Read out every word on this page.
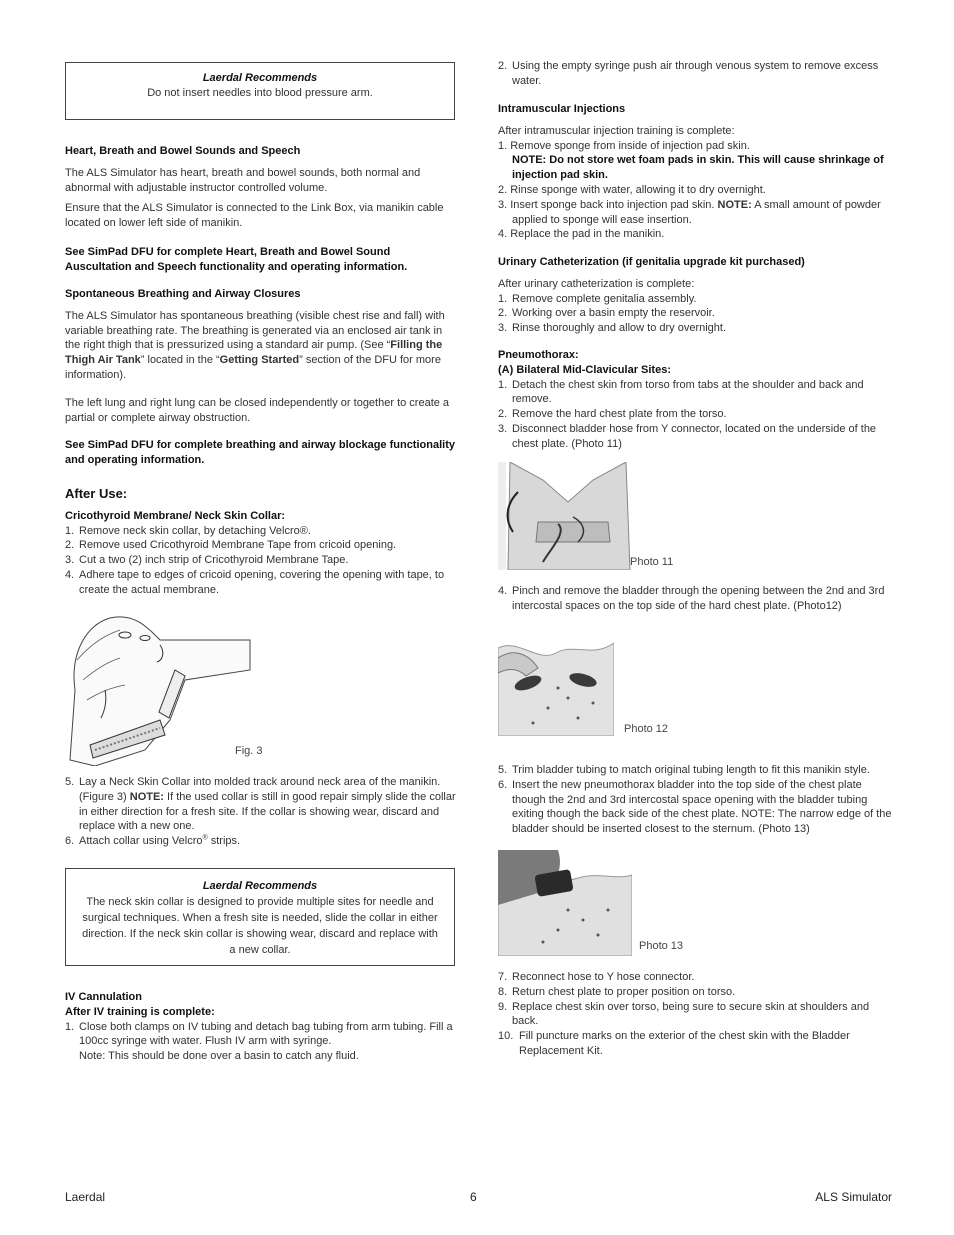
Laerdal Recommends
Do not insert needles into blood pressure arm.
Heart, Breath and Bowel Sounds and Speech

The ALS Simulator has heart, breath and bowel sounds, both normal and abnormal with adjustable instructor controlled volume.

Ensure that the ALS Simulator is connected to the Link Box, via manikin cable located on lower left side of manikin.

See SimPad DFU for complete Heart, Breath and Bowel Sound Auscultation and Speech functionality and operating information.

Spontaneous Breathing and Airway Closures

The ALS Simulator has spontaneous breathing (visible chest rise and fall) with variable breathing rate. The breathing is generated via an enclosed air tank in the right thigh that is pressurized using a standard air pump. (See “Filling the Thigh Air Tank” located in the “Getting Started” section of the DFU for more information).

The left lung and right lung can be closed independently or together to create a partial or complete airway obstruction.

See SimPad DFU for complete breathing and airway blockage functionality and operating information.

After Use:
Cricothyroid Membrane/ Neck Skin Collar:
1. Remove neck skin collar, by detaching Velcro®.
2. Remove used Cricothyroid Membrane Tape from cricoid opening.
3. Cut a two (2) inch strip of Cricothyroid Membrane Tape.
4. Adhere tape to edges of cricoid opening, covering the opening with tape, to create the actual membrane.
Fig. 3
5. Lay a Neck Skin Collar into molded track around neck area of the manikin. (Figure 3) NOTE: If the used collar is still in good repair simply slide the collar in either direction for a fresh site. If the collar is showing wear, discard and replace with a new one.
6. Attach collar using Velcro® strips.
Laerdal Recommends
The neck skin collar is designed to provide multiple sites for needle and surgical techniques. When a fresh site is needed, slide the collar in either direction. If the neck skin collar is showing wear, discard and replace with a new collar.
IV Cannulation
After IV training is complete:
1. Close both clamps on IV tubing and detach bag tubing from arm tubing. Fill a 100cc syringe with water. Flush IV arm with syringe.
Note: This should be done over a basin to catch any fluid.
2. Using the empty syringe push air through venous system to remove excess water.
Intramuscular Injections

After intramuscular injection training is complete:

1. Remove sponge from inside of injection pad skin.

NOTE: Do not store wet foam pads in skin. This will cause shrinkage of injection pad skin.

2. Rinse sponge with water, allowing it to dry overnight.

3. Insert sponge back into injection pad skin. NOTE: A small amount of powder

applied to sponge will ease insertion.

4. Replace the pad in the manikin.

Urinary Catheterization (if genitalia upgrade kit purchased)

After urinary catheterization is complete:

1. Remove complete genitalia assembly.
2. Working over a basin empty the reservoir.
3. Rinse thoroughly and allow to dry overnight.
Pneumothorax:
(A) Bilateral Mid-Clavicular Sites:
1. Detach the chest skin from torso from tabs at the shoulder and back and remove.
2. Remove the hard chest plate from the torso.
3. Disconnect bladder hose from Y connector, located on the underside of the chest plate. (Photo 11)
Photo 11
4. Pinch and remove the bladder through the opening between the 2nd and 3rd intercostal spaces on the top side of the hard chest plate. (Photo12)
Photo 12
5. Trim bladder tubing to match original tubing length to fit this manikin style.
6. Insert the new pneumothorax bladder into the top side of the chest plate though the 2nd and 3rd intercostal space opening with the bladder tubing exiting though the back side of the chest plate. NOTE: The narrow edge of the bladder should be inserted closest to the sternum. (Photo 13)
Photo 13
7. Reconnect hose to Y hose connector.
8. Return chest plate to proper position on torso.
9. Replace chest skin over torso, being sure to secure skin at shoulders and back.
10. Fill puncture marks on the exterior of the chest skin with the Bladder Replacement Kit.
Laerdal	6	ALS Simulator
